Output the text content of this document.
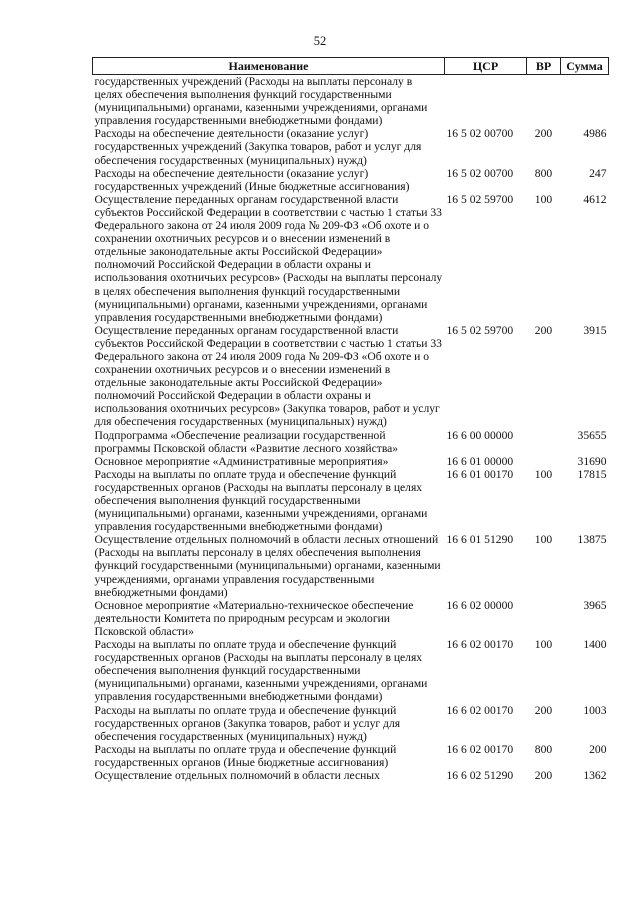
52
Наименование	ЦСР	ВР	Сумма
государственных учреждений (Расходы на выплаты персоналу в целях обеспечения выполнения функций государственными (муниципальными) органами, казенными учреждениями, органами управления государственными внебюджетными фондами)			
Расходы на обеспечение деятельности (оказание услуг) государственных учреждений (Закупка товаров, работ и услуг для обеспечения государственных (муниципальных) нужд)	16 5 02 00700	200	4986
Расходы на обеспечение деятельности (оказание услуг) государственных учреждений (Иные бюджетные ассигнования)	16 5 02 00700	800	247
Осуществление переданных органам государственной власти субъектов Российской Федерации в соответствии с частью 1 статьи 33 Федерального закона от 24 июля 2009 года № 209-ФЗ «Об охоте и о сохранении охотничьих ресурсов и о внесении изменений в отдельные законодательные акты Российской Федерации» полномочий Российской Федерации в области охраны и использования охотничьих ресурсов» (Расходы на выплаты персоналу в целях обеспечения выполнения функций государственными (муниципальными) органами, казенными учреждениями, органами управления государственными внебюджетными фондами)	16 5 02 59700	100	4612
Осуществление переданных органам государственной власти субъектов Российской Федерации в соответствии с частью 1 статьи 33 Федерального закона от 24 июля 2009 года № 209-ФЗ «Об охоте и о сохранении охотничьих ресурсов и о внесении изменений в отдельные законодательные акты Российской Федерации» полномочий Российской Федерации в области охраны и использования охотничьих ресурсов» (Закупка товаров, работ и услуг для обеспечения государственных (муниципальных) нужд)	16 5 02 59700	200	3915
Подпрограмма «Обеспечение реализации государственной программы Псковской области «Развитие лесного хозяйства»	16 6 00 00000		35655
Основное мероприятие «Административные мероприятия»	16 6 01 00000		31690
Расходы на выплаты по оплате труда и обеспечение функций государственных органов (Расходы на выплаты персоналу в целях обеспечения выполнения функций государственными (муниципальными) органами, казенными учреждениями, органами управления государственными внебюджетными фондами)	16 6 01 00170	100	17815
Осуществление отдельных полномочий в области лесных отношений (Расходы на выплаты персоналу в целях обеспечения выполнения функций государственными (муниципальными) органами, казенными учреждениями, органами управления государственными внебюджетными фондами)	16 6 01 51290	100	13875
Основное мероприятие «Материально-техническое обеспечение деятельности Комитета по природным ресурсам и экологии Псковской области»	16 6 02 00000		3965
Расходы на выплаты по оплате труда и обеспечение функций государственных органов (Расходы на выплаты персоналу в целях обеспечения выполнения функций государственными (муниципальными) органами, казенными учреждениями, органами управления государственными внебюджетными фондами)	16 6 02 00170	100	1400
Расходы на выплаты по оплате труда и обеспечение функций государственных органов (Закупка товаров, работ и услуг для обеспечения государственных (муниципальных) нужд)	16 6 02 00170	200	1003
Расходы на выплаты по оплате труда и обеспечение функций государственных органов (Иные бюджетные ассигнования)	16 6 02 00170	800	200
Осуществление отдельных полномочий в области лесных	16 6 02 51290	200	1362
